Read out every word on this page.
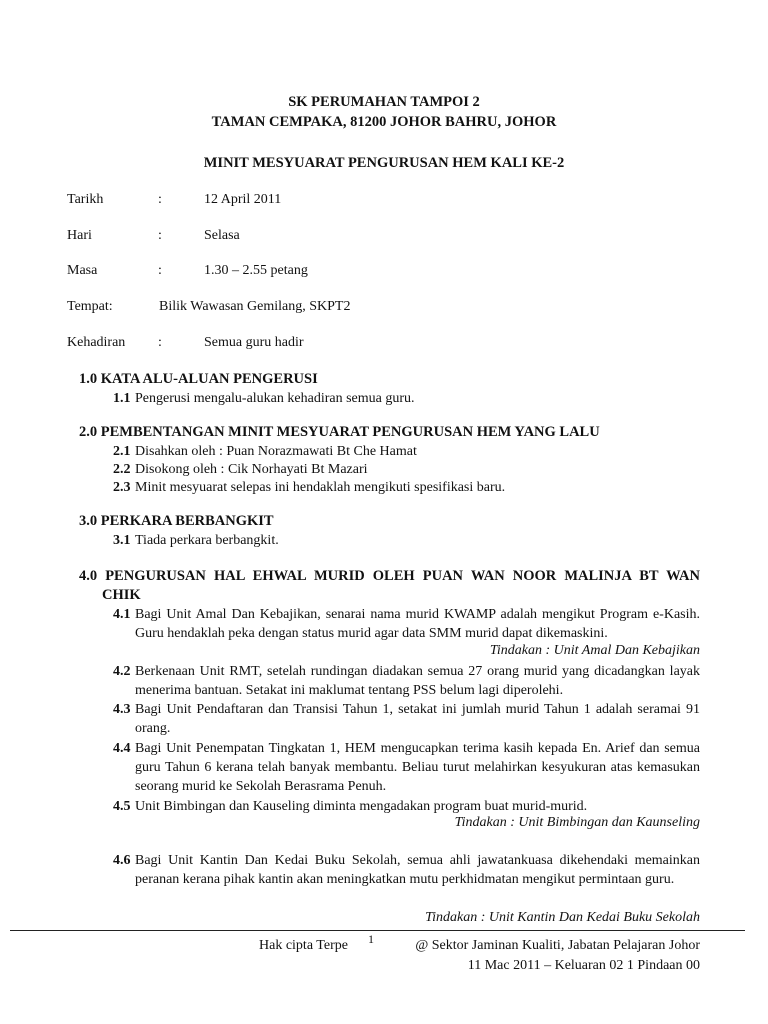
SK PERUMAHAN TAMPOI 2
TAMAN CEMPAKA, 81200 JOHOR BAHRU, JOHOR
MINIT MESYUARAT PENGURUSAN HEM KALI KE-2
Tarikh	:	12 April 2011
Hari	:	Selasa
Masa	:	1.30 – 2.55 petang
Tempat:	Bilik Wawasan Gemilang, SKPT2
Kehadiran :	Semua guru hadir
1.0 KATA ALU-ALUAN PENGERUSI
1.1 Pengerusi mengalu-alukan kehadiran semua guru.
2.0 PEMBENTANGAN MINIT MESYUARAT PENGURUSAN HEM YANG LALU
2.1 Disahkan oleh : Puan Norazmawati Bt Che Hamat
2.2 Disokong oleh : Cik Norhayati Bt Mazari
2.3 Minit mesyuarat selepas ini hendaklah mengikuti spesifikasi baru.
3.0 PERKARA BERBANGKIT
3.1 Tiada perkara berbangkit.
4.0 PENGURUSAN HAL EHWAL MURID OLEH PUAN WAN NOOR MALINJA BT WAN
CHIK
4.1 Bagi Unit Amal Dan Kebajikan, senarai nama murid KWAMP adalah mengikut Program e-Kasih. Guru hendaklah peka dengan status murid agar data SMM murid dapat dikemaskini.
Tindakan : Unit Amal Dan Kebajikan
4.2 Berkenaan Unit RMT, setelah rundingan diadakan semua 27 orang murid yang dicadangkan layak menerima bantuan. Setakat ini maklumat tentang PSS belum lagi diperolehi.
4.3 Bagi Unit Pendaftaran dan Transisi Tahun 1, setakat ini jumlah murid Tahun 1 adalah seramai 91 orang.
4.4 Bagi Unit Penempatan Tingkatan 1, HEM mengucapkan terima kasih kepada En. Arief dan semua guru Tahun 6 kerana telah banyak membantu. Beliau turut melahirkan kesyukuran atas kemasukan seorang murid ke Sekolah Berasrama Penuh.
4.5 Unit Bimbingan dan Kauseling diminta mengadakan program buat murid-murid.
Tindakan : Unit Bimbingan dan Kaunseling
4.6 Bagi Unit Kantin Dan Kedai Buku Sekolah, semua ahli jawatankuasa dikehendaki memainkan peranan kerana pihak kantin akan meningkatkan mutu perkhidmatan mengikut permintaan guru.
Tindakan : Unit Kantin Dan Kedai Buku Sekolah
Hak cipta Terpe 1	@ Sektor Jaminan Kualiti, Jabatan Pelajaran Johor
11 Mac 2011 – Keluaran 02 1 Pindaan 00
